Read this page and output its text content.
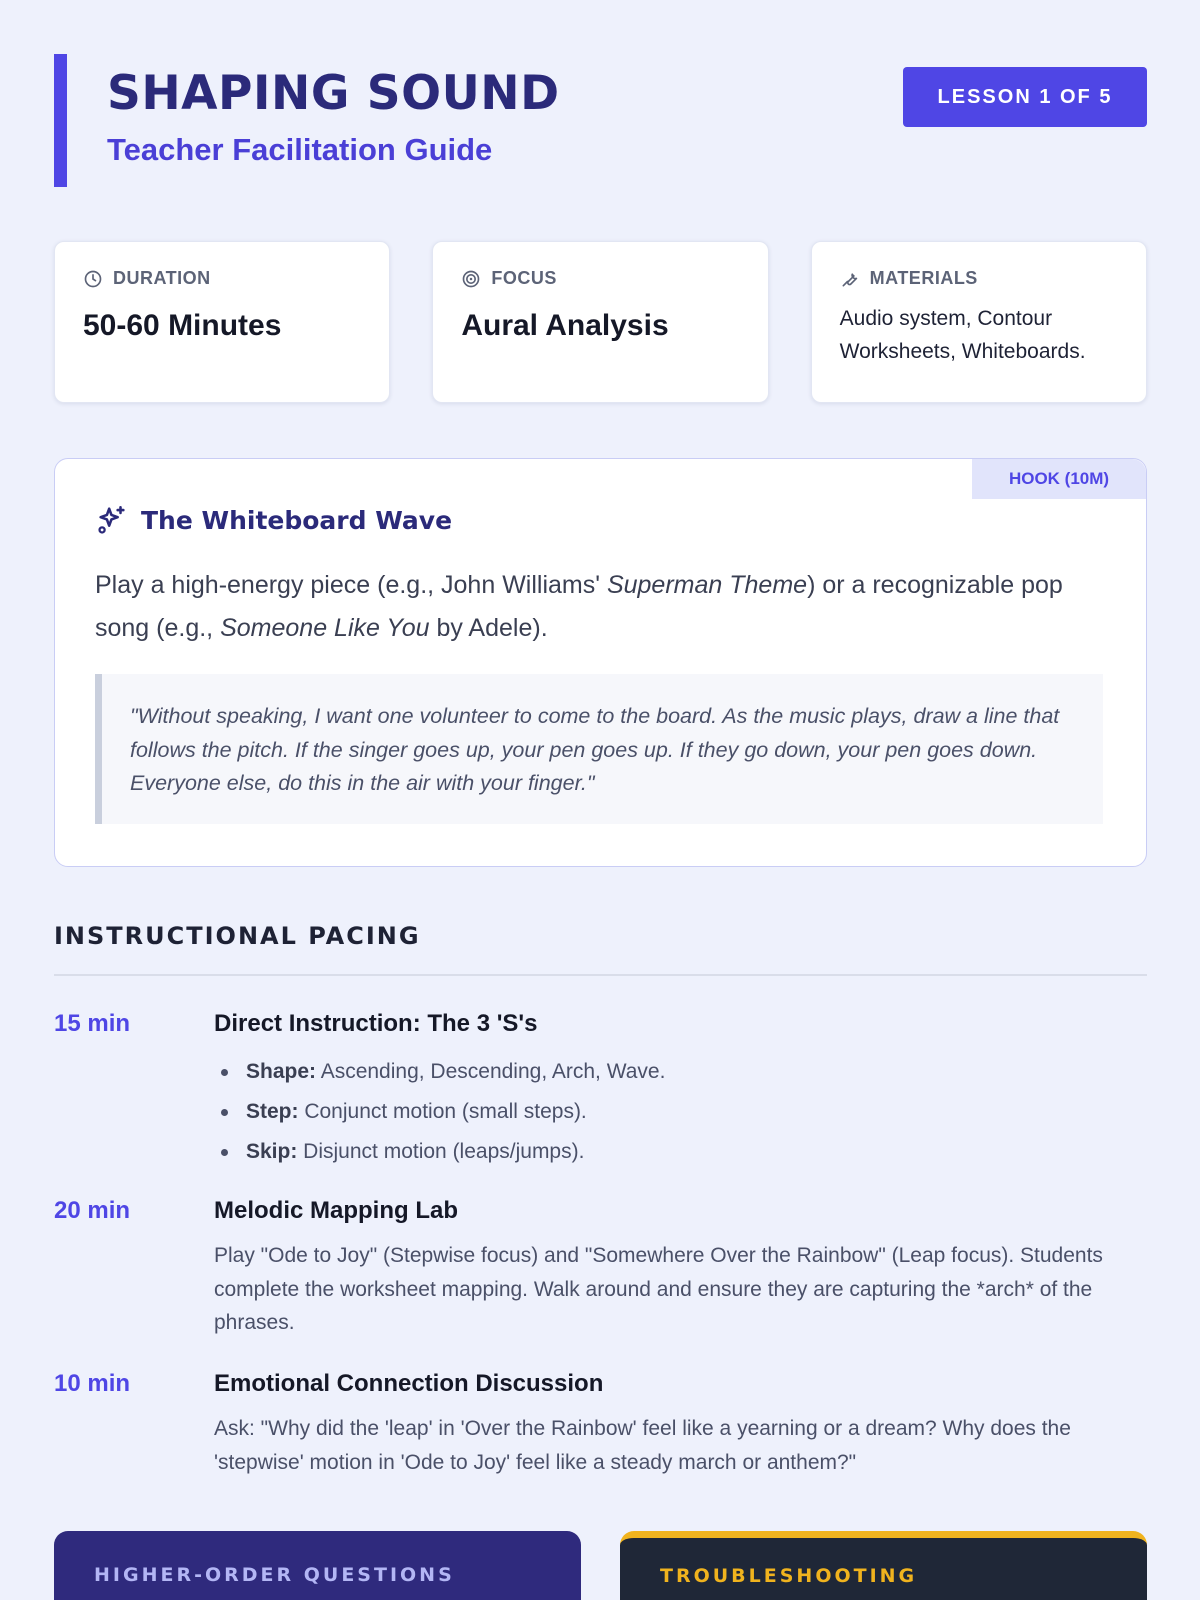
SHAPING SOUND
Teacher Facilitation Guide
LESSON 1 OF 5
DURATION
50-60 Minutes
FOCUS
Aural Analysis
MATERIALS
Audio system, Contour Worksheets, Whiteboards.
HOOK (10M)
The Whiteboard Wave

Play a high-energy piece (e.g., John Williams' Superman Theme) or a recognizable pop song (e.g., Someone Like You by Adele).

"Without speaking, I want one volunteer to come to the board. As the music plays, draw a line that follows the pitch. If the singer goes up, your pen goes up. If they go down, your pen goes down. Everyone else, do this in the air with your finger."
INSTRUCTIONAL PACING
15 min	Direct Instruction: The 3 'S's
Shape: Ascending, Descending, Arch, Wave.
Step: Conjunct motion (small steps).
Skip: Disjunct motion (leaps/jumps).
20 min	Melodic Mapping Lab

Play "Ode to Joy" (Stepwise focus) and "Somewhere Over the Rainbow" (Leap focus). Students complete the worksheet mapping. Walk around and ensure they are capturing the *arch* of the phrases.

10 min	Emotional Connection Discussion

Ask: "Why did the 'leap' in 'Over the Rainbow' feel like a yearning or a dream? Why does the 'stepwise' motion in 'Ode to Joy' feel like a steady march or anthem?"

HIGHER-ORDER QUESTIONS	TROUBLESHOOTING
